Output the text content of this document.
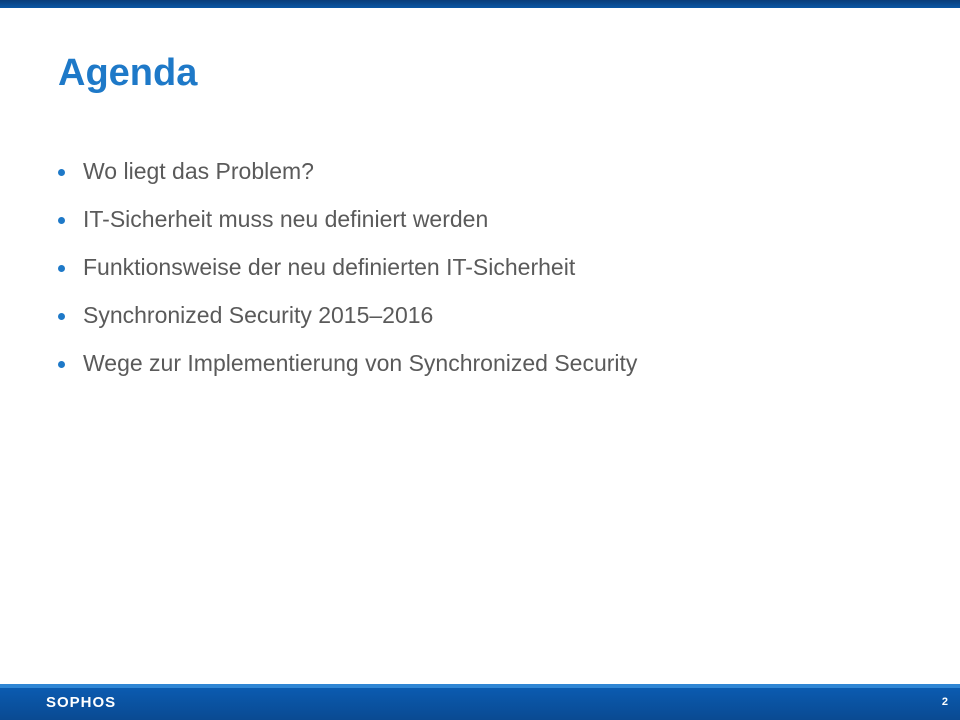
Agenda
Wo liegt das Problem?
IT-Sicherheit muss neu definiert werden
Funktionsweise der neu definierten IT-Sicherheit
Synchronized Security 2015–2016
Wege zur Implementierung von Synchronized Security
SOPHOS	2
